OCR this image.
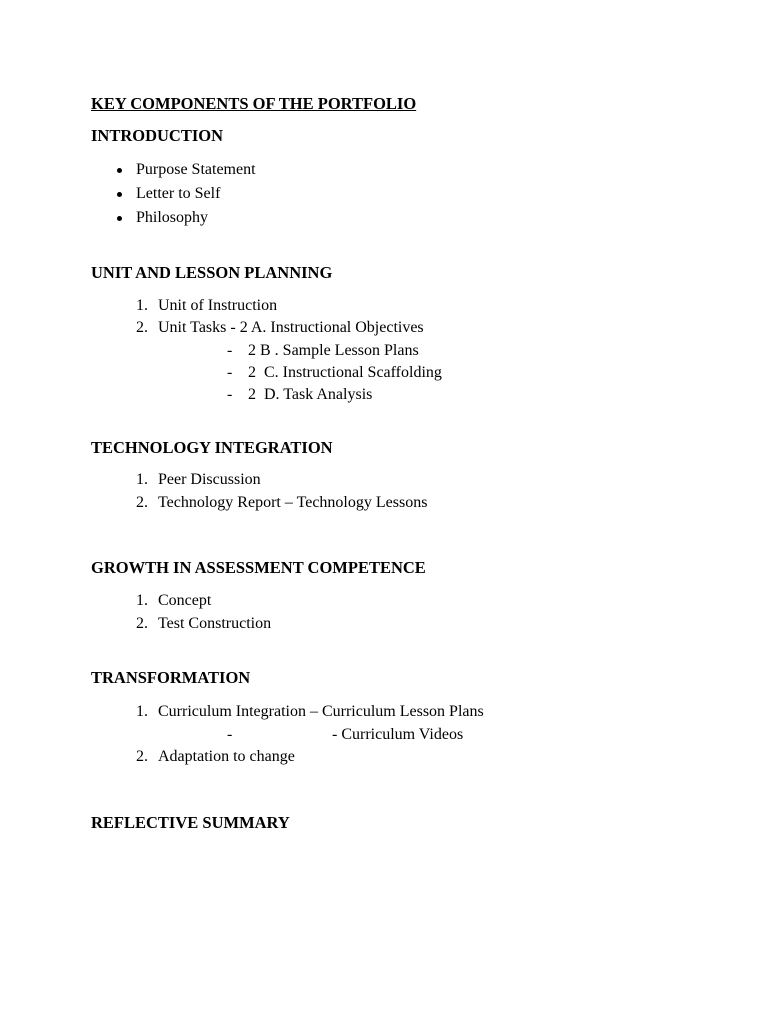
KEY COMPONENTS OF THE PORTFOLIO
INTRODUCTION
Purpose Statement
Letter to Self
Philosophy
UNIT AND LESSON PLANNING
1. Unit of Instruction
2. Unit Tasks - 2 A. Instructional Objectives
- 2 B . Sample Lesson Plans
- 2  C. Instructional Scaffolding
- 2  D. Task Analysis
TECHNOLOGY INTEGRATION
1. Peer Discussion
2. Technology Report – Technology Lessons
GROWTH IN ASSESSMENT COMPETENCE
1. Concept
2. Test Construction
TRANSFORMATION
1. Curriculum Integration – Curriculum Lesson Plans
-	- Curriculum Videos
2. Adaptation to change
REFLECTIVE SUMMARY
